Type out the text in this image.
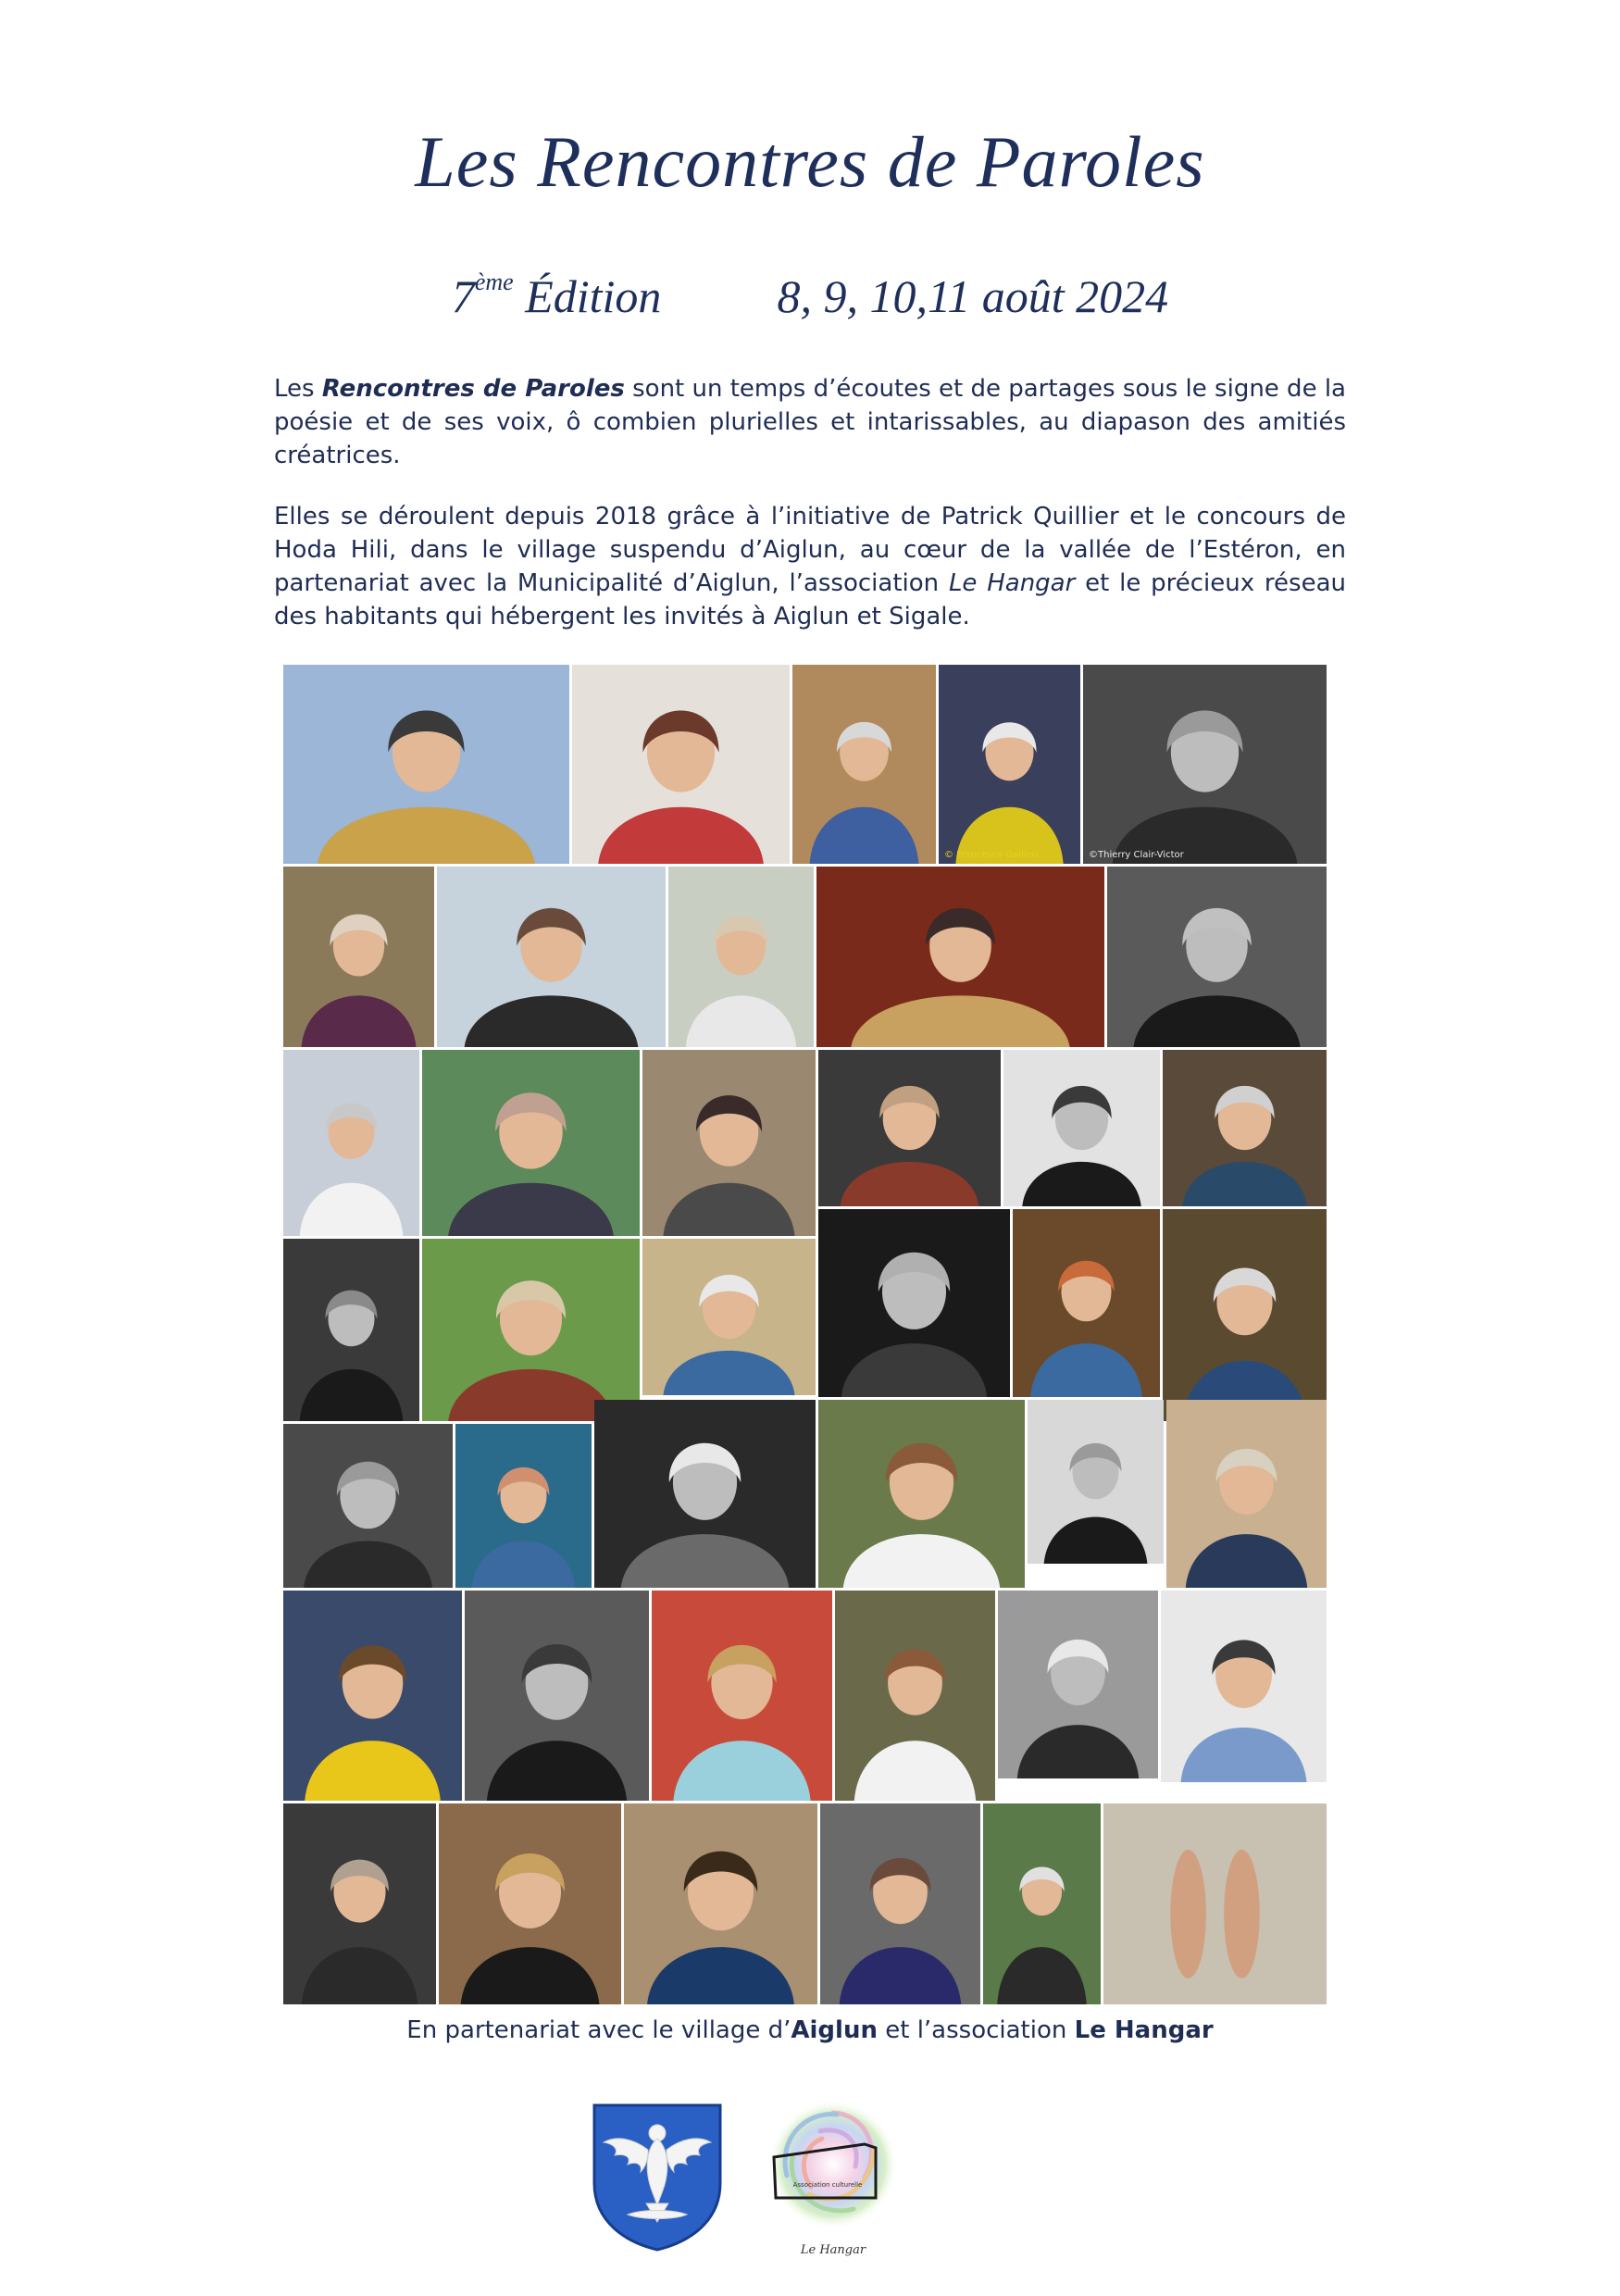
Les Rencontres de Paroles
7ème Édition	8, 9, 10,11 août 2024
Les Rencontres de Paroles sont un temps d’écoutes et de partages sous le signe de la poésie et de ses voix, ô combien plurielles et intarissables, au diapason des amitiés créatrices.
Elles se déroulent depuis 2018 grâce à l’initiative de Patrick Quillier et le concours de Hoda Hili, dans le village suspendu d’Aiglun, au cœur de la vallée de l’Estéron, en partenariat avec la Municipalité d’Aiglun, l’association Le Hangar et le précieux réseau des habitants qui hébergent les invités à Aiglun et Sigale.
© Francesco Gallieri	©Thierry Clair-Victor
En partenariat avec le village d’Aiglun et l’association Le Hangar
Association culturelle
Le Hangar
